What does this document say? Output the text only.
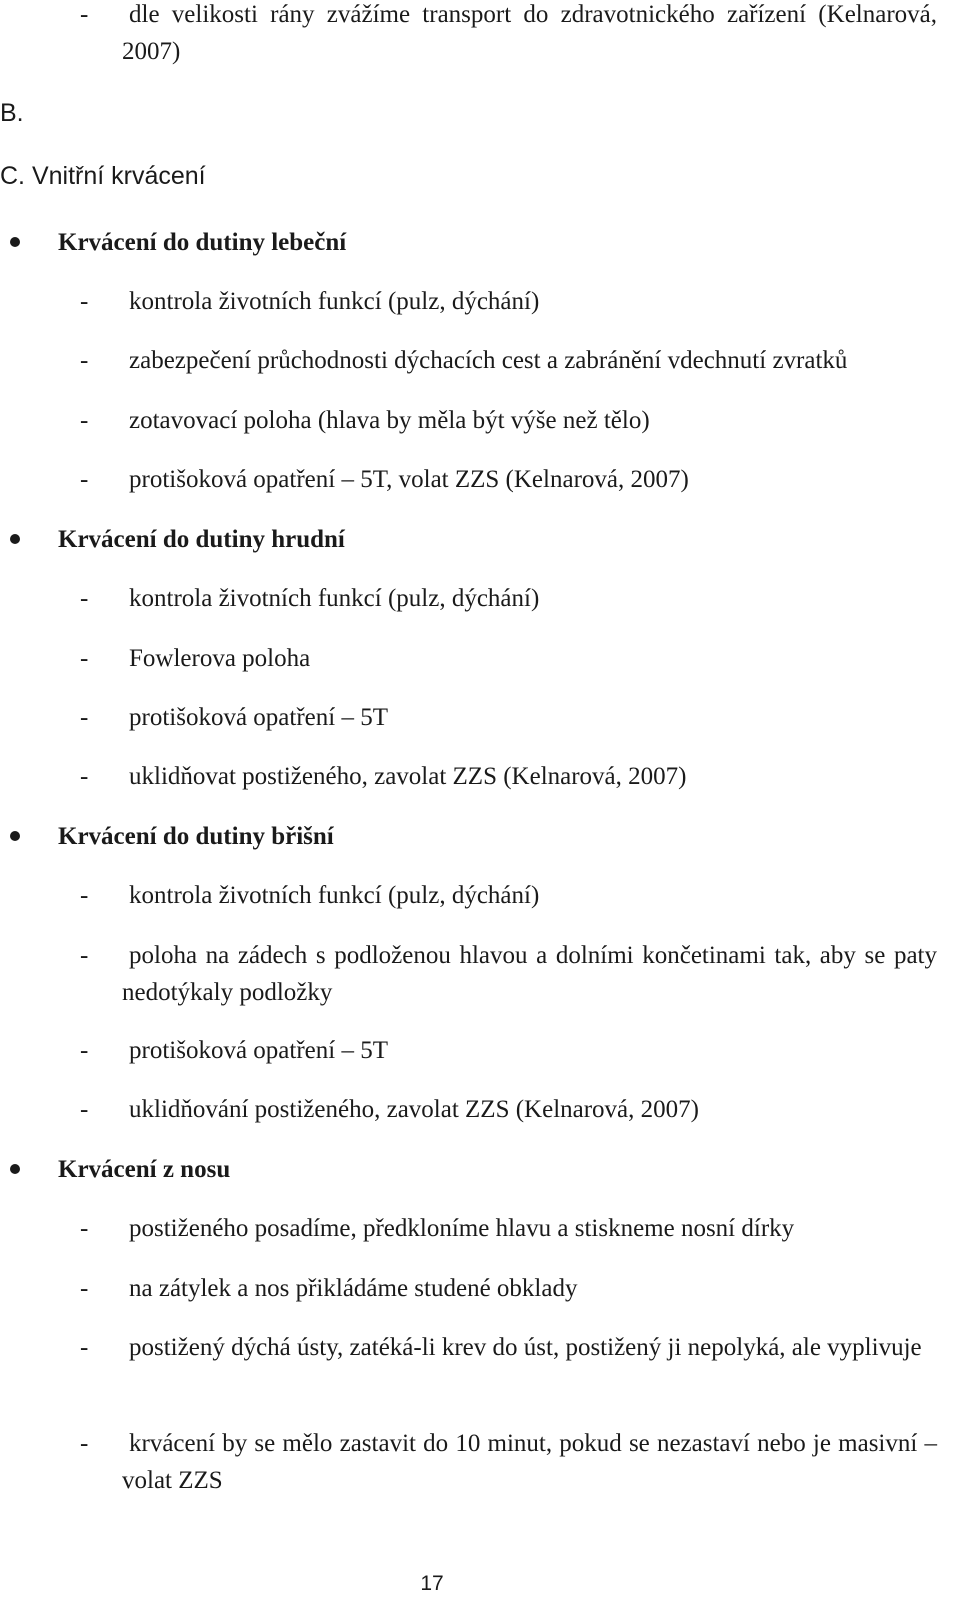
- dle velikosti rány zvážíme transport do zdravotnického zařízení (Kelnarová, 2007)
B.
C. Vnitřní krvácení
Krvácení do dutiny lebeční
- kontrola životních funkcí (pulz, dýchání)
- zabezpečení průchodnosti dýchacích cest a zabránění vdechnutí zvratků
- zotavovací poloha (hlava by měla být výše než tělo)
- protišoková opatření – 5T, volat ZZS (Kelnarová, 2007)
Krvácení do dutiny hrudní
- kontrola životních funkcí (pulz, dýchání)
- Fowlerova poloha
- protišoková opatření – 5T
- uklidňovat postiženého, zavolat ZZS (Kelnarová, 2007)
Krvácení do dutiny břišní
- kontrola životních funkcí (pulz, dýchání)
- poloha na zádech s podloženou hlavou a dolními končetinami tak, aby se paty nedotýkaly podložky
- protišoková opatření – 5T
- uklidňování postiženého, zavolat ZZS (Kelnarová, 2007)
Krvácení z nosu
- postiženého posadíme, předkloníme hlavu a stiskneme nosní dírky
- na zátylek a nos přikládáme studené obklady
- postižený dýchá ústy, zatéká-li krev do úst, postižený ji nepolyká, ale vyplivuje
- krvácení by se mělo zastavit do 10 minut, pokud se nezastaví nebo je masivní – volat ZZS
17
